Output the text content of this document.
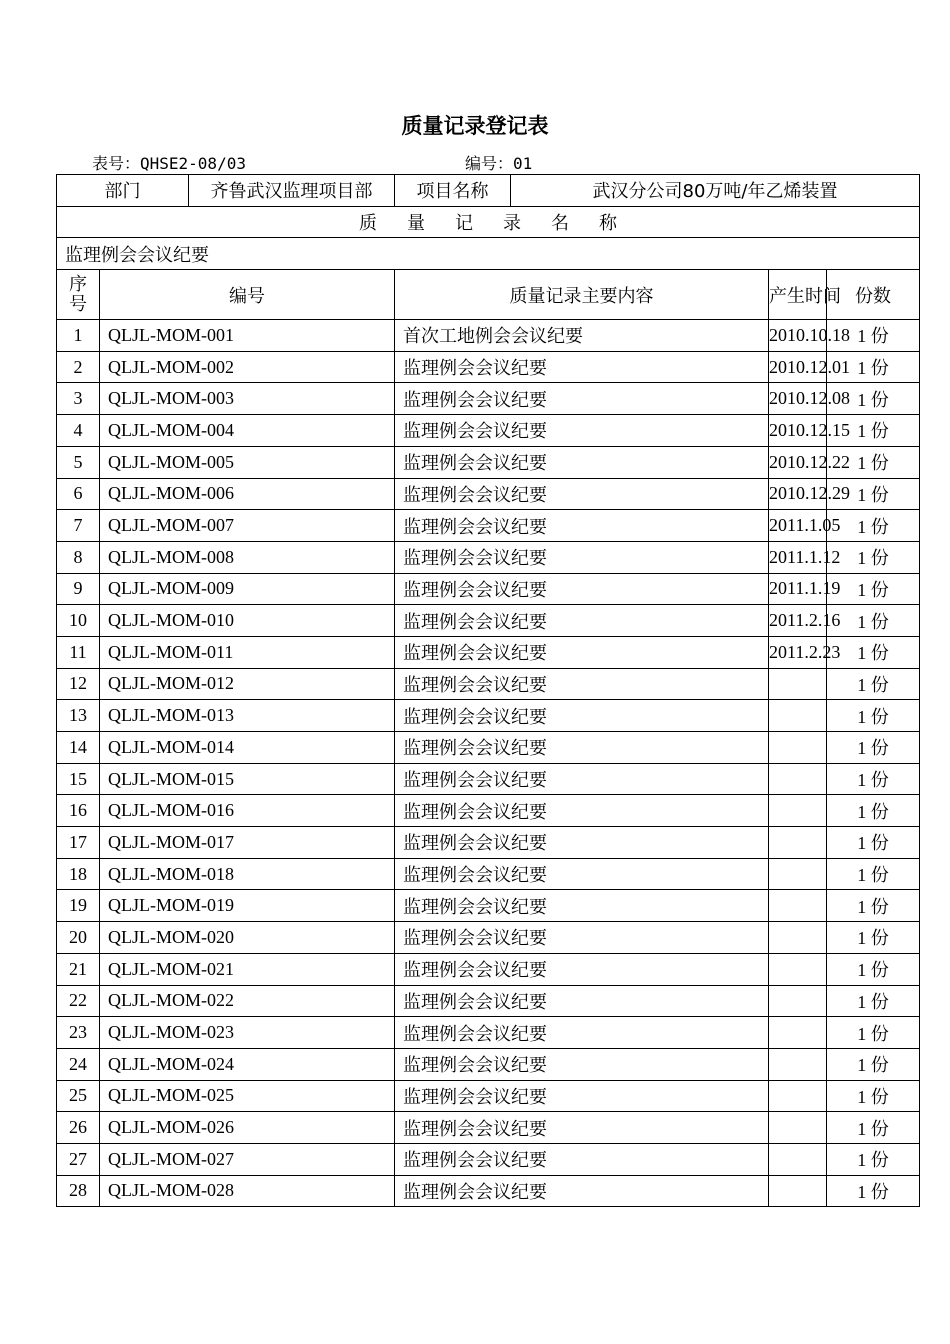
质量记录登记表
表号：QHSE2-08/03	编号：01
部门		齐鲁武汉监理项目部	项目名称	武汉分公司80万吨/年乙烯装置			
质量记录名称							
监理例会会议纪要							

序
号	编号		质量记录主要内容		产生时间	份数	
1	QLJL-MOM-001		首次工地例会会议纪要		2010.10.18	1 份	
2	QLJL-MOM-002		监理例会会议纪要		2010.12.01	1 份	
3	QLJL-MOM-003		监理例会会议纪要		2010.12.08	1 份	
4	QLJL-MOM-004		监理例会会议纪要		2010.12.15	1 份	
5	QLJL-MOM-005		监理例会会议纪要		2010.12.22	1 份	
6	QLJL-MOM-006		监理例会会议纪要		2010.12.29	1 份	
7	QLJL-MOM-007		监理例会会议纪要		2011.1.05	1 份	
8	QLJL-MOM-008		监理例会会议纪要		2011.1.12	1 份	
9	QLJL-MOM-009		监理例会会议纪要		2011.1.19	1 份	
10	QLJL-MOM-010		监理例会会议纪要		2011.2.16	1 份	
11	QLJL-MOM-011		监理例会会议纪要		2011.2.23	1 份	
12	QLJL-MOM-012		监理例会会议纪要			1 份	
13	QLJL-MOM-013		监理例会会议纪要			1 份	
14	QLJL-MOM-014		监理例会会议纪要			1 份	
15	QLJL-MOM-015		监理例会会议纪要			1 份	
16	QLJL-MOM-016		监理例会会议纪要			1 份	
17	QLJL-MOM-017		监理例会会议纪要			1 份	
18	QLJL-MOM-018		监理例会会议纪要			1 份	
19	QLJL-MOM-019		监理例会会议纪要			1 份	
20	QLJL-MOM-020		监理例会会议纪要			1 份	
21	QLJL-MOM-021		监理例会会议纪要			1 份	
22	QLJL-MOM-022		监理例会会议纪要			1 份	
23	QLJL-MOM-023		监理例会会议纪要			1 份	
24	QLJL-MOM-024		监理例会会议纪要			1 份	
25	QLJL-MOM-025		监理例会会议纪要			1 份	
26	QLJL-MOM-026		监理例会会议纪要			1 份	
27	QLJL-MOM-027		监理例会会议纪要			1 份	
28	QLJL-MOM-028		监理例会会议纪要			1 份	
